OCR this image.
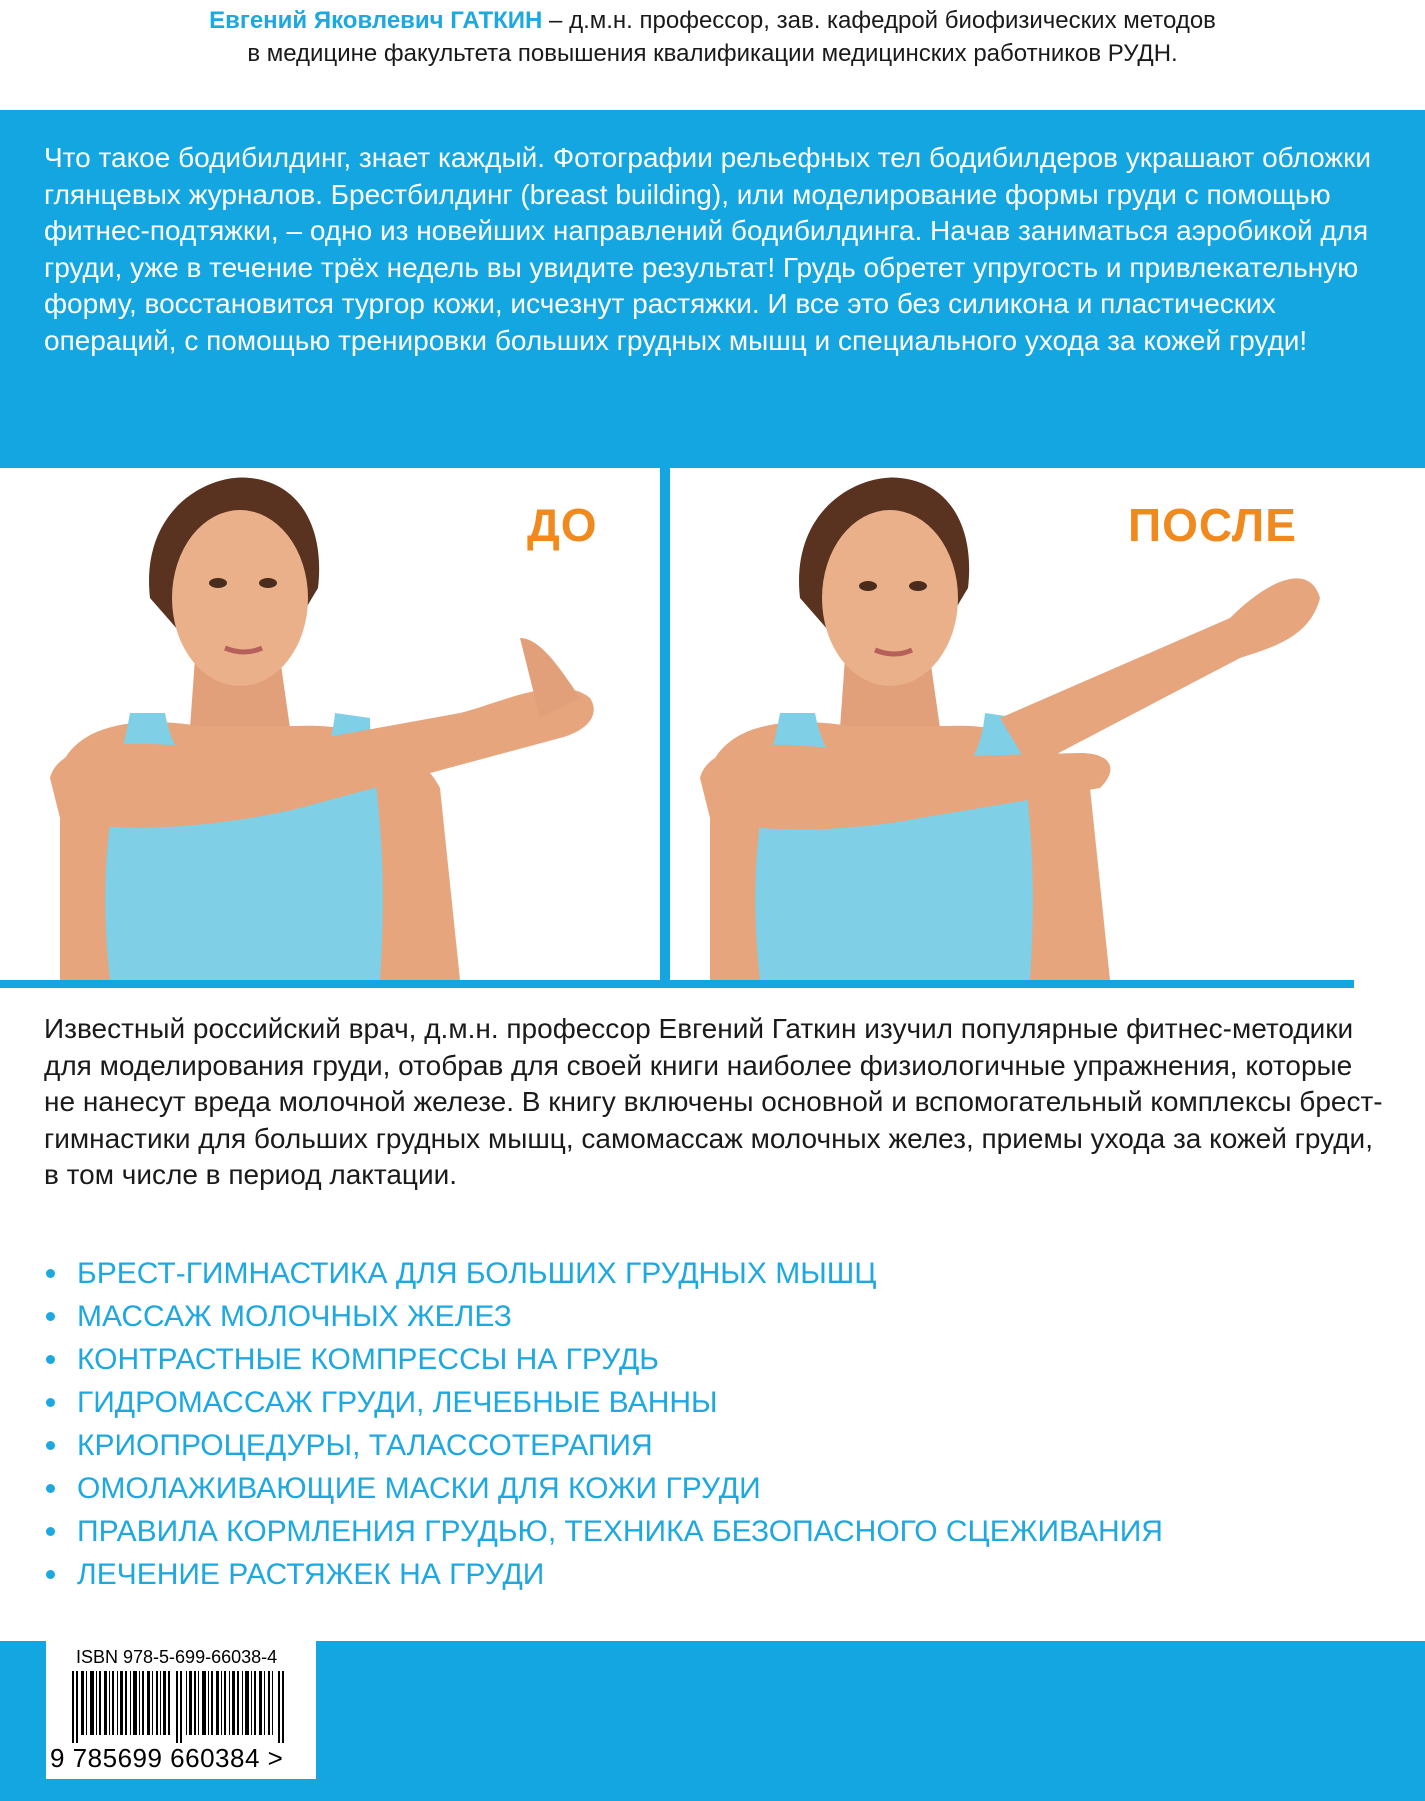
Евгений Яковлевич ГАТКИН – д.м.н. профессор, зав. кафедрой биофизических методов
в медицине факультета повышения квалификации медицинских работников РУДН.

Что такое бодибилдинг, знает каждый. Фотографии рельефных тел бодибилдеров украшают обложки глянцевых журналов. Брестбилдинг (breast building), или моделирование формы груди с помощью фитнес-подтяжки, – одно из новейших направлений бодибилдинга. Начав заниматься аэробикой для груди, уже в течение трёх недель вы увидите результат! Грудь обретет упругость и привлекательную форму, восстановится тургор кожи, исчезнут растяжки. И все это без силикона и пластических операций, с помощью тренировки больших грудных мышц и специального ухода за кожей груди!

ДО	ПОСЛЕ

Известный российский врач, д.м.н. профессор Евгений Гаткин изучил популярные фитнес-методики для моделирования груди, отобрав для своей книги наиболее физиологичные упражнения, которые не нанесут вреда молочной железе. В книгу включены основной и вспомогательный комплексы брест-гимнастики для больших грудных мышц, самомассаж молочных желез, приемы ухода за кожей груди, в том числе в период лактации.

БРЕСТ-ГИМНАСТИКА ДЛЯ БОЛЬШИХ ГРУДНЫХ МЫШЦ
МАССАЖ МОЛОЧНЫХ ЖЕЛЕЗ
КОНТРАСТНЫЕ КОМПРЕССЫ НА ГРУДЬ
ГИДРОМАССАЖ ГРУДИ, ЛЕЧЕБНЫЕ ВАННЫ
КРИОПРОЦЕДУРЫ, ТАЛАССОТЕРАПИЯ
ОМОЛАЖИВАЮЩИЕ МАСКИ ДЛЯ КОЖИ ГРУДИ
ПРАВИЛА КОРМЛЕНИЯ ГРУДЬЮ, ТЕХНИКА БЕЗОПАСНОГО СЦЕЖИВАНИЯ
ЛЕЧЕНИЕ РАСТЯЖЕК НА ГРУДИ
ISBN 978-5-699-66038-4
9 785699 660384 >
